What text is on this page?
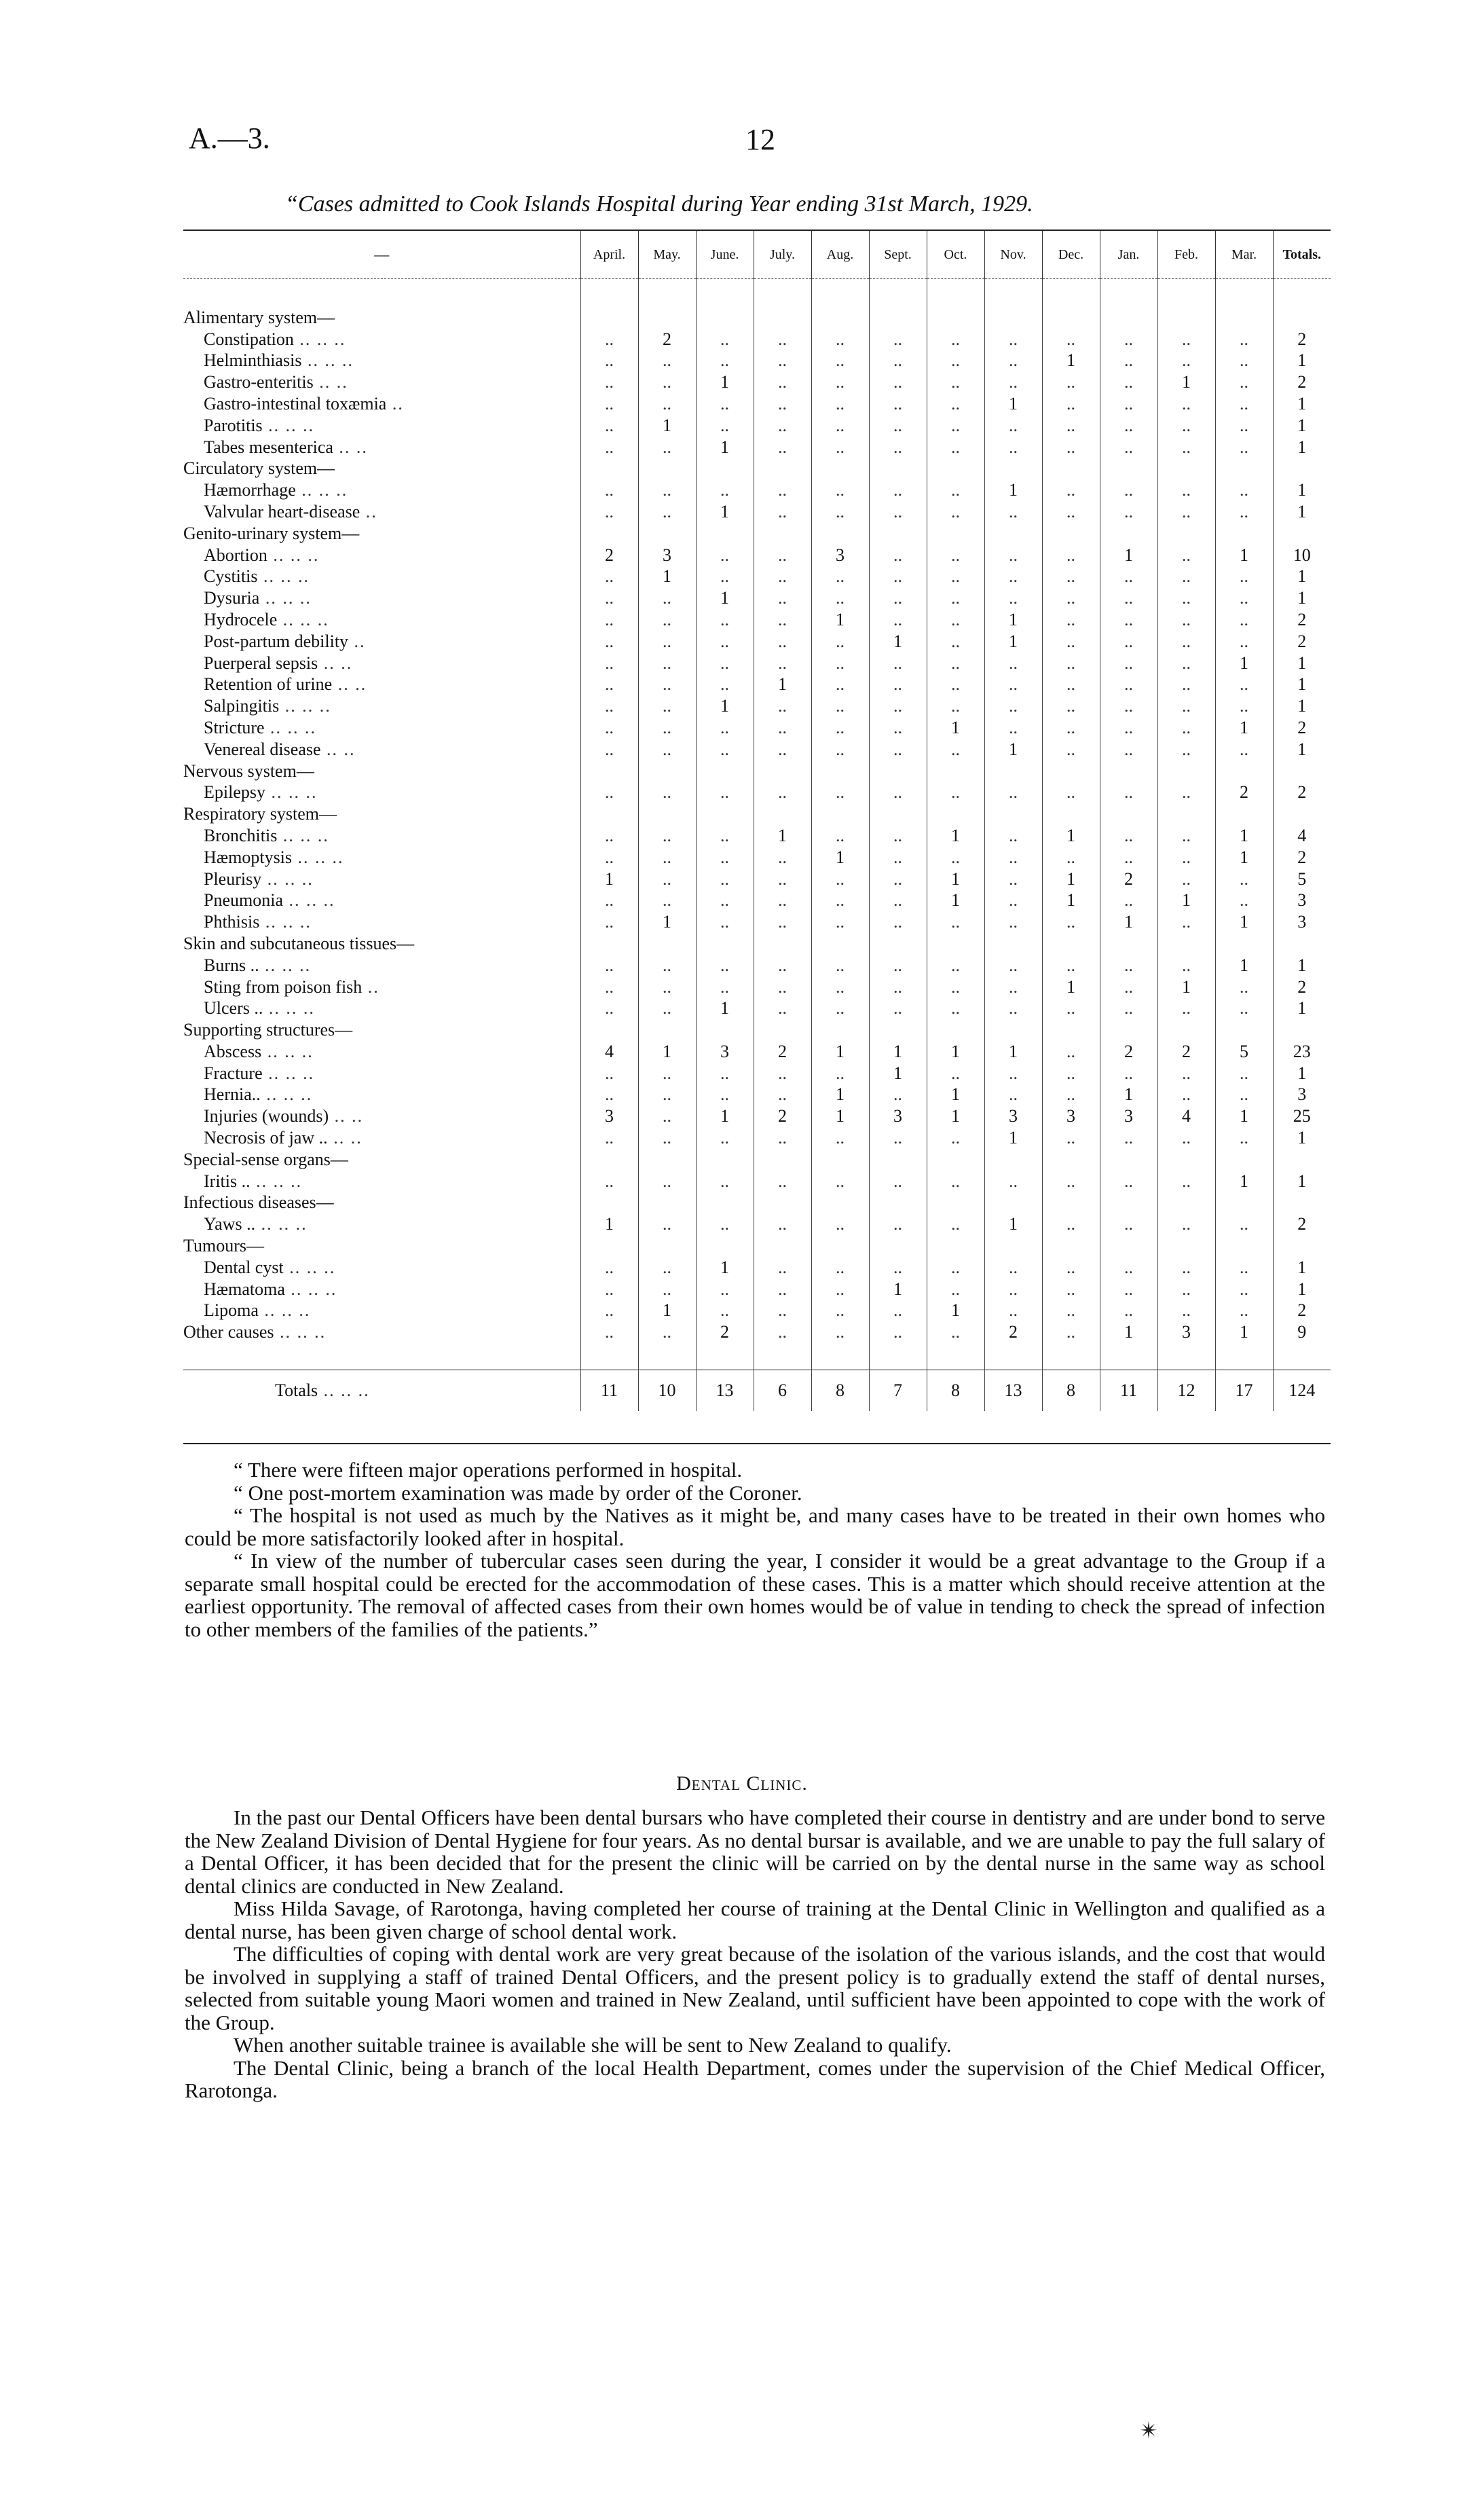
A.—3.	12
“Cases admitted to Cook Islands Hospital during Year ending 31st March, 1929.
—	April.	May.	June.	July.	Aug.	Sept.	Oct.	Nov.	Dec.	Jan.	Feb.	Mar.	Totals.

Alimentary system—													
Constipation .. .. ..	..	2	..	..	..	..	..	..	..	..	..	..	2
Helminthiasis .. .. ..	..	..	..	..	..	..	..	..	1	..	..	..	1
Gastro-enteritis .. ..	..	..	1	..	..	..	..	..	..	..	1	..	2
Gastro-intestinal toxæmia ..	..	..	..	..	..	..	..	1	..	..	..	..	1
Parotitis .. .. ..	..	1	..	..	..	..	..	..	..	..	..	..	1
Tabes mesenterica .. ..	..	..	1	..	..	..	..	..	..	..	..	..	1
Circulatory system—													
Hæmorrhage .. .. ..	..	..	..	..	..	..	..	1	..	..	..	..	1
Valvular heart-disease ..	..	..	1	..	..	..	..	..	..	..	..	..	1
Genito-urinary system—													
Abortion .. .. ..	2	3	..	..	3	..	..	..	..	1	..	1	10
Cystitis .. .. ..	..	1	..	..	..	..	..	..	..	..	..	..	1
Dysuria .. .. ..	..	..	1	..	..	..	..	..	..	..	..	..	1
Hydrocele .. .. ..	..	..	..	..	1	..	..	1	..	..	..	..	2
Post-partum debility ..	..	..	..	..	..	1	..	1	..	..	..	..	2
Puerperal sepsis .. ..	..	..	..	..	..	..	..	..	..	..	..	1	1
Retention of urine .. ..	..	..	..	1	..	..	..	..	..	..	..	..	1
Salpingitis .. .. ..	..	..	1	..	..	..	..	..	..	..	..	..	1
Stricture .. .. ..	..	..	..	..	..	..	1	..	..	..	..	1	2
Venereal disease .. ..	..	..	..	..	..	..	..	1	..	..	..	..	1
Nervous system—													
Epilepsy .. .. ..	..	..	..	..	..	..	..	..	..	..	..	2	2
Respiratory system—													
Bronchitis .. .. ..	..	..	..	1	..	..	1	..	1	..	..	1	4
Hæmoptysis .. .. ..	..	..	..	..	1	..	..	..	..	..	..	1	2
Pleurisy .. .. ..	1	..	..	..	..	..	1	..	1	2	..	..	5
Pneumonia .. .. ..	..	..	..	..	..	..	1	..	1	..	1	..	3
Phthisis .. .. ..	..	1	..	..	..	..	..	..	..	1	..	1	3
Skin and subcutaneous tissues—													
Burns .. .. .. ..	..	..	..	..	..	..	..	..	..	..	..	1	1
Sting from poison fish ..	..	..	..	..	..	..	..	..	1	..	1	..	2
Ulcers .. .. .. ..	..	..	1	..	..	..	..	..	..	..	..	..	1
Supporting structures—													
Abscess .. .. ..	4	1	3	2	1	1	1	1	..	2	2	5	23
Fracture .. .. ..	..	..	..	..	..	1	..	..	..	..	..	..	1
Hernia.. .. .. ..	..	..	..	..	1	..	1	..	..	1	..	..	3
Injuries (wounds) .. ..	3	..	1	2	1	3	1	3	3	3	4	1	25
Necrosis of jaw .. .. ..	..	..	..	..	..	..	..	1	..	..	..	..	1
Special-sense organs—													
Iritis .. .. .. ..	..	..	..	..	..	..	..	..	..	..	..	1	1
Infectious diseases—													
Yaws .. .. .. ..	1	..	..	..	..	..	..	1	..	..	..	..	2
Tumours—													
Dental cyst .. .. ..	..	..	1	..	..	..	..	..	..	..	..	..	1
Hæmatoma .. .. ..	..	..	..	..	..	1	..	..	..	..	..	..	1
Lipoma .. .. ..	..	1	..	..	..	..	1	..	..	..	..	..	2
Other causes .. .. ..	..	..	2	..	..	..	..	2	..	1	3	1	9

Totals .. .. ..	11	10	13	6	8	7	8	13	8	11	12	17	124

“ There were fifteen major operations performed in hospital.

“ One post-mortem examination was made by order of the Coroner.

“ The hospital is not used as much by the Natives as it might be, and many cases have to be treated in their own homes who could be more satisfactorily looked after in hospital.

“ In view of the number of tubercular cases seen during the year, I consider it would be a great advantage to the Group if a separate small hospital could be erected for the accommodation of these cases. This is a matter which should receive attention at the earliest opportunity. The removal of affected cases from their own homes would be of value in tending to check the spread of infection to other members of the families of the patients.”

Dental Clinic.

In the past our Dental Officers have been dental bursars who have completed their course in dentistry and are under bond to serve the New Zealand Division of Dental Hygiene for four years. As no dental bursar is available, and we are unable to pay the full salary of a Dental Officer, it has been decided that for the present the clinic will be carried on by the dental nurse in the same way as school dental clinics are conducted in New Zealand.

Miss Hilda Savage, of Rarotonga, having completed her course of training at the Dental Clinic in Wellington and qualified as a dental nurse, has been given charge of school dental work.

The difficulties of coping with dental work are very great because of the isolation of the various islands, and the cost that would be involved in supplying a staff of trained Dental Officers, and the present policy is to gradually extend the staff of dental nurses, selected from suitable young Maori women and trained in New Zealand, until sufficient have been appointed to cope with the work of the Group.

When another suitable trainee is available she will be sent to New Zealand to qualify.

The Dental Clinic, being a branch of the local Health Department, comes under the supervision of the Chief Medical Officer, Rarotonga.

✴
